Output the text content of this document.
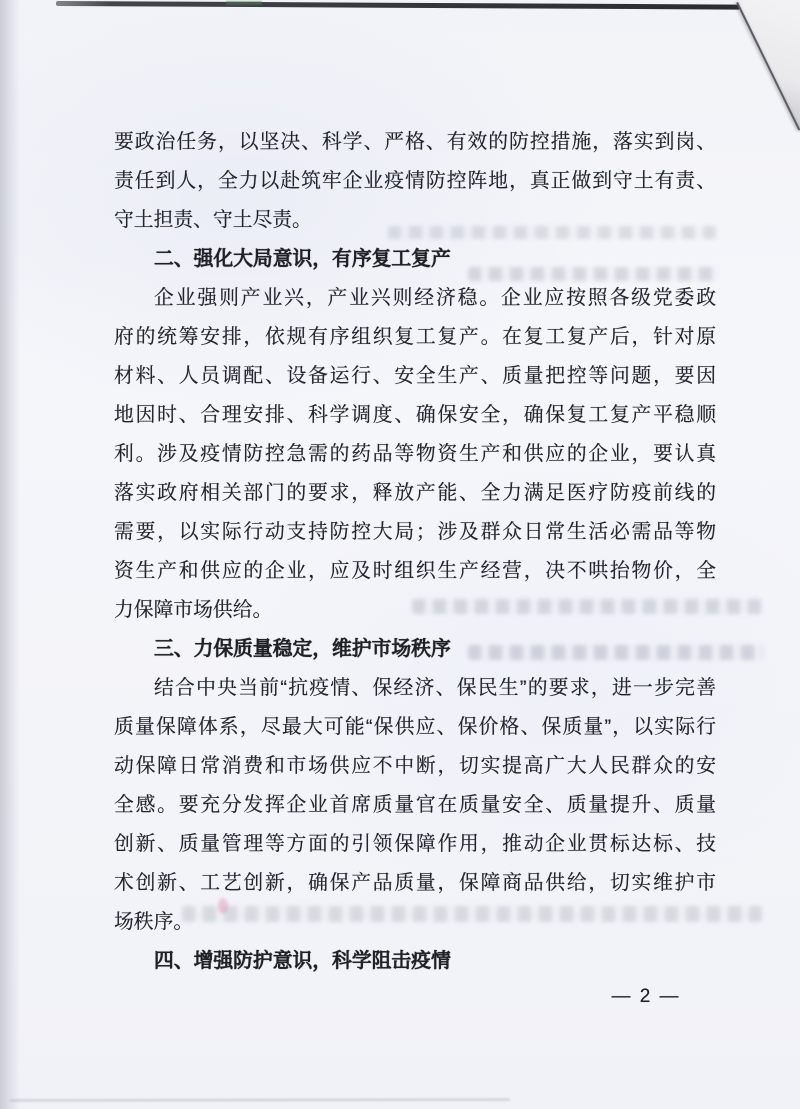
要政治任务，以坚决、科学、严格、有效的防控措施，落实到岗、
责任到人，全力以赴筑牢企业疫情防控阵地，真正做到守土有责、
守土担责、守土尽责。
二、强化大局意识，有序复工复产
企业强则产业兴，产业兴则经济稳。企业应按照各级党委政
府的统筹安排，依规有序组织复工复产。在复工复产后，针对原
材料、人员调配、设备运行、安全生产、质量把控等问题，要因
地因时、合理安排、科学调度、确保安全，确保复工复产平稳顺
利。涉及疫情防控急需的药品等物资生产和供应的企业，要认真
落实政府相关部门的要求，释放产能、全力满足医疗防疫前线的
需要，以实际行动支持防控大局；涉及群众日常生活必需品等物
资生产和供应的企业，应及时组织生产经营，决不哄抬物价，全
力保障市场供给。
三、力保质量稳定，维护市场秩序
结合中央当前“抗疫情、保经济、保民生”的要求，进一步完善
质量保障体系，尽最大可能“保供应、保价格、保质量”，以实际行
动保障日常消费和市场供应不中断，切实提高广大人民群众的安
全感。要充分发挥企业首席质量官在质量安全、质量提升、质量
创新、质量管理等方面的引领保障作用，推动企业贯标达标、技
术创新、工艺创新，确保产品质量，保障商品供给，切实维护市
场秩序。
四、增强防护意识，科学阻击疫情
— 2 —
